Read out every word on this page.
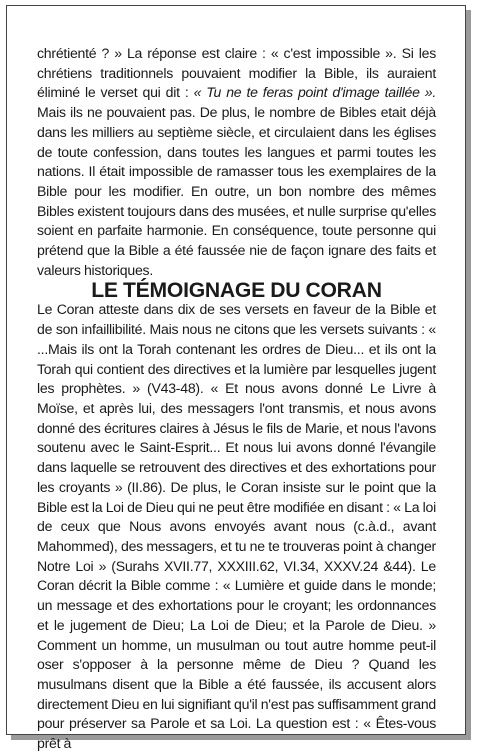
chrétienté ? » La réponse est claire : « c'est impossible ». Si les chrétiens traditionnels pouvaient modifier la Bible, ils auraient éliminé le verset qui dit : « Tu ne te feras point d'image taillée ». Mais ils ne pouvaient pas. De plus, le nombre de Bibles etait déjà dans les milliers au septième siècle, et circulaient dans les églises de toute confession, dans toutes les langues et parmi toutes les nations. Il était impossible de ramasser tous les exemplaires de la Bible pour les modifier. En outre, un bon nombre des mêmes Bibles existent toujours dans des musées, et nulle surprise qu'elles soient en parfaite harmonie. En conséquence, toute personne qui prétend que la Bible a été faussée nie de façon ignare des faits et valeurs historiques.

LE TÉMOIGNAGE DU CORAN

Le Coran atteste dans dix de ses versets en faveur de la Bible et de son infaillibilité. Mais nous ne citons que les versets suivants : « ...Mais ils ont la Torah contenant les ordres de Dieu... et ils ont la Torah qui contient des directives et la lumière par lesquelles jugent les prophètes. » (V43-48). « Et nous avons donné Le Livre à Moïse, et après lui, des messagers l'ont transmis, et nous avons donné des écritures claires à Jésus le fils de Marie, et nous l'avons soutenu avec le Saint-Esprit... Et nous lui avons donné l'évangile dans laquelle se retrouvent des directives et des exhortations pour les croyants » (II.86). De plus, le Coran insiste sur le point que la Bible est la Loi de Dieu qui ne peut être modifiée en disant : « La loi de ceux que Nous avons envoyés avant nous (c.à.d., avant Mahommed), des messagers, et tu ne te trouveras point à changer Notre Loi » (Surahs XVII.77, XXXIII.62, VI.34, XXXV.24 &44). Le Coran décrit la Bible comme : « Lumière et guide dans le monde; un message et des exhortations pour le croyant; les ordonnances et le jugement de Dieu; La Loi de Dieu; et la Parole de Dieu. » Comment un homme, un musulman ou tout autre homme peut-il oser s'opposer à la personne même de Dieu ? Quand les musulmans disent que la Bible a été faussée, ils accusent alors directement Dieu en lui signifiant qu'il n'est pas suffisamment grand pour préserver sa Parole et sa Loi. La question est : « Êtes-vous prêt à
